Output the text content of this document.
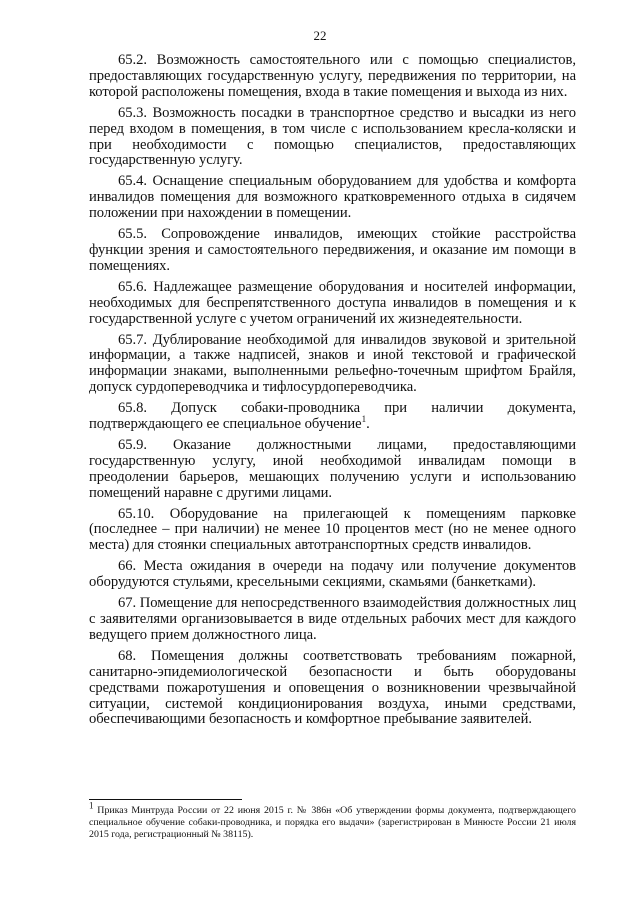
22

65.2. Возможность самостоятельного или с помощью специалистов, предоставляющих государственную услугу, передвижения по территории, на которой расположены помещения, входа в такие помещения и выхода из них.

65.3. Возможность посадки в транспортное средство и высадки из него перед входом в помещения, в том числе с использованием кресла-коляски и при необходимости с помощью специалистов, предоставляющих государственную услугу.

65.4. Оснащение специальным оборудованием для удобства и комфорта инвалидов помещения для возможного кратковременного отдыха в сидячем положении при нахождении в помещении.

65.5. Сопровождение инвалидов, имеющих стойкие расстройства функции зрения и самостоятельного передвижения, и оказание им помощи в помещениях.

65.6. Надлежащее размещение оборудования и носителей информации, необходимых для беспрепятственного доступа инвалидов в помещения и к государственной услуге с учетом ограничений их жизнедеятельности.

65.7. Дублирование необходимой для инвалидов звуковой и зрительной информации, а также надписей, знаков и иной текстовой и графической информации знаками, выполненными рельефно-точечным шрифтом Брайля, допуск сурдопереводчика и тифлосурдопереводчика.

65.8. Допуск собаки-проводника при наличии документа, подтверждающего ее специальное обучение$^1$.

65.9. Оказание должностными лицами, предоставляющими государственную услугу, иной необходимой инвалидам помощи в преодолении барьеров, мешающих получению услуги и использованию помещений наравне с другими лицами.

65.10. Оборудование на прилегающей к помещениям парковке (последнее – при наличии) не менее 10 процентов мест (но не менее одного места) для стоянки специальных автотранспортных средств инвалидов.

66. Места ожидания в очереди на подачу или получение документов оборудуются стульями, кресельными секциями, скамьями (банкетками).

67. Помещение для непосредственного взаимодействия должностных лиц с заявителями организовывается в виде отдельных рабочих мест для каждого ведущего прием должностного лица.

68. Помещения должны соответствовать требованиям пожарной, санитарно-эпидемиологической безопасности и быть оборудованы средствами пожаротушения и оповещения о возникновении чрезвычайной ситуации, системой кондиционирования воздуха, иными средствами, обеспечивающими безопасность и комфортное пребывание заявителей.

$^1$ Приказ Минтруда России от 22 июня 2015 г. № 386н «Об утверждении формы документа, подтверждающего специальное обучение собаки-проводника, и порядка его выдачи» (зарегистрирован в Минюсте России 21 июля 2015 года, регистрационный № 38115).
